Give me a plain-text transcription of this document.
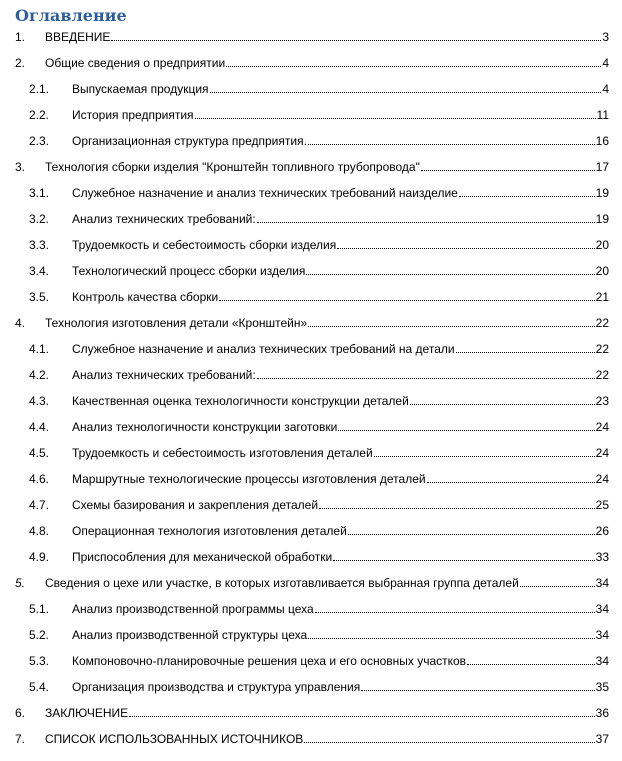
Оглавление
1.	ВВЕДЕНИЕ	3
2.	Общие сведения о предприятии	4
2.1.	Выпускаемая продукция	4
2.2.	История предприятия	11
2.3.	Организационная структура предприятия.	16
3.	Технология сборки изделия "Кронштейн топливного трубопровода"	17
3.1.	Служебное назначение и анализ технических требований наизделие	19
3.2.	Анализ технических требований:	19
3.3.	Трудоемкость и себестоимость сборки изделия	20
3.4.	Технологический процесс сборки изделия	20
3.5.	Контроль качества сборки	21
4.	Технология изготовления детали «Кронштейн»	22
4.1.	Служебное назначение и анализ технических требований на детали	22
4.2.	Анализ технических требований:	22
4.3.	Качественная оценка технологичности конструкции деталей	23
4.4.	Анализ технологичности конструкции заготовки	24
4.5.	Трудоемкость и себестоимость изготовления деталей	24
4.6.	Маршрутные технологические процессы изготовления деталей	24
4.7.	Схемы базирования и закрепления деталей	25
4.8.	Операционная технология изготовления деталей	26
4.9.	Приспособления для механической обработки	33
5.	Сведения о цехе или участке, в которых изготавливается выбранная группа деталей	34
5.1.	Анализ производственной программы цеха	34
5.2.	Анализ производственной структуры цеха	34
5.3.	Компоновочно-планировочные решения цеха и его основных участков	34
5.4.	Организация производства и структура управления	35
6.	ЗАКЛЮЧЕНИЕ	36
7.	СПИСОК ИСПОЛЬЗОВАННЫХ ИСТОЧНИКОВ	37
